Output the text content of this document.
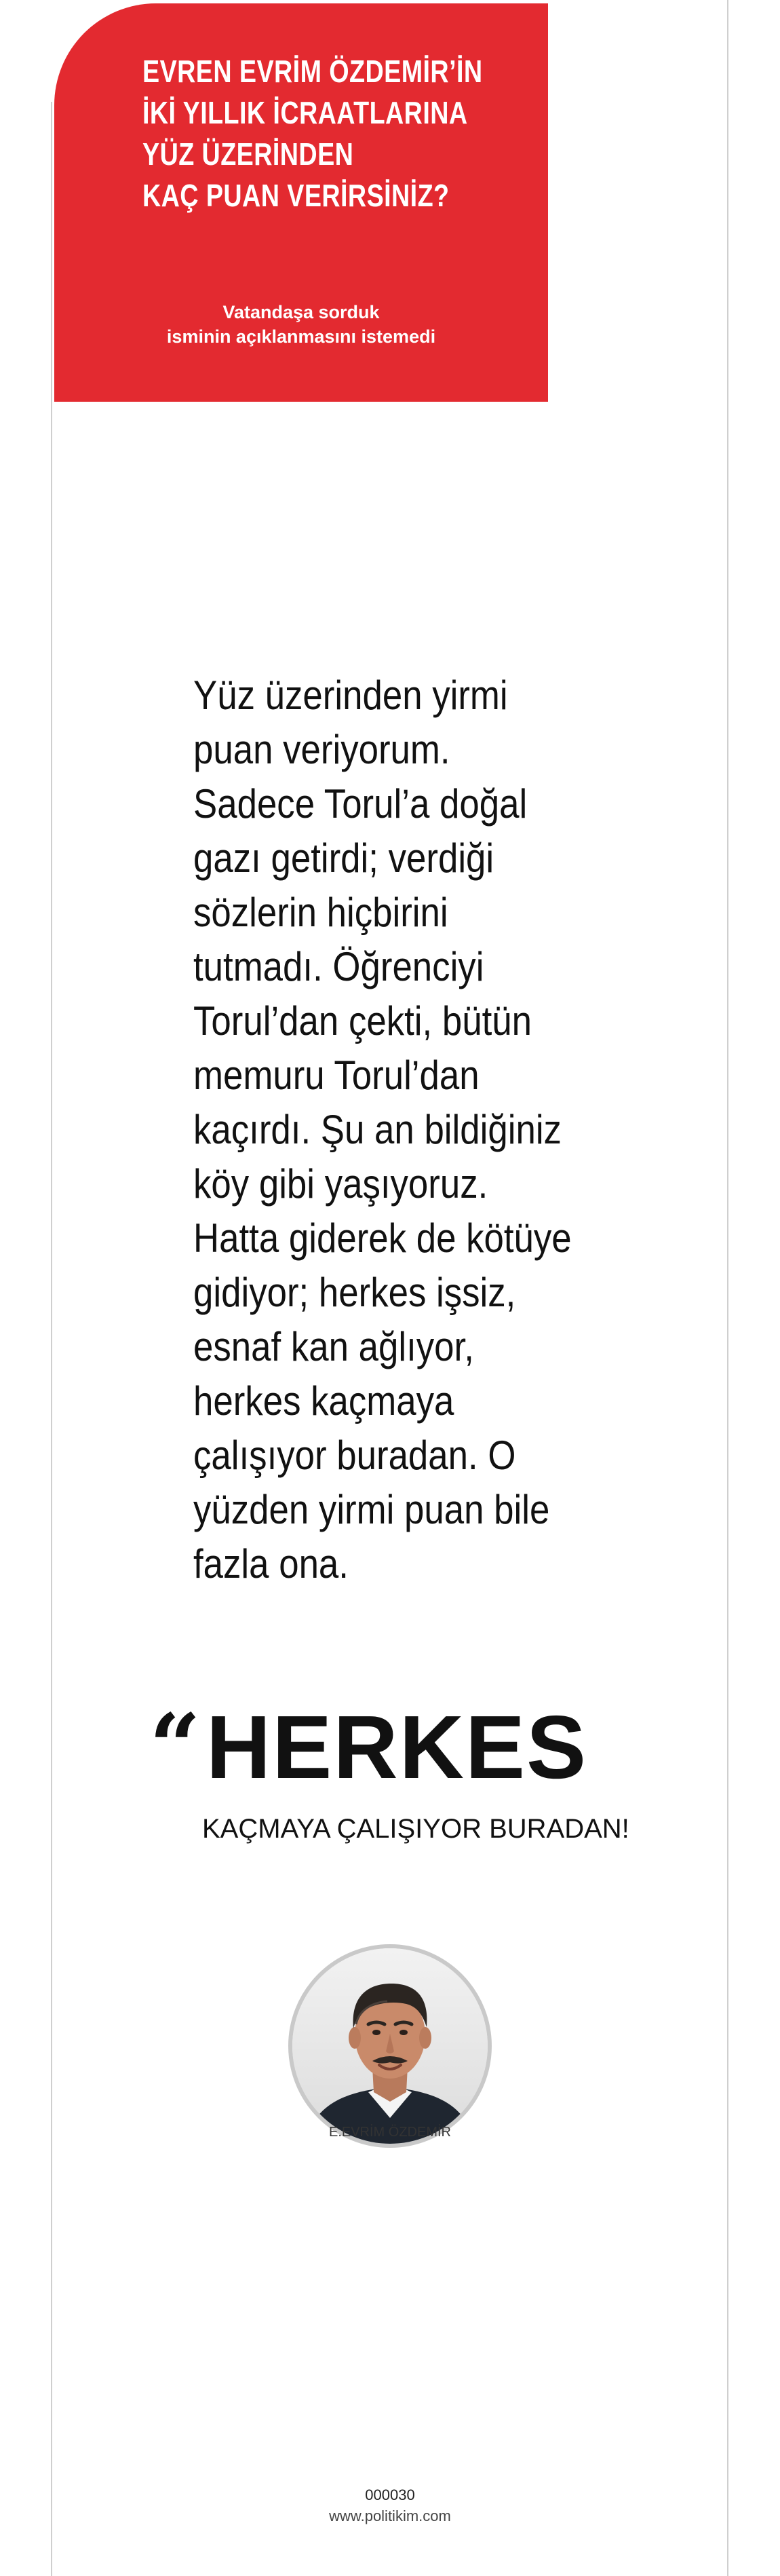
EVREN EVRİM ÖZDEMİR’İN
İKİ YILLIK İCRAATLARINA
YÜZ ÜZERİNDEN
KAÇ PUAN VERİRSİNİZ?
Vatandaşa sorduk
isminin açıklanmasını istemedi
Yüz üzerinden yirmi
puan veriyorum.
Sadece Torul’a doğal
gazı getirdi; verdiği
sözlerin hiçbirini
tutmadı. Öğrenciyi
Torul’dan çekti, bütün
memuru Torul’dan
kaçırdı. Şu an bildiğiniz
köy gibi yaşıyoruz.
Hatta giderek de kötüye
gidiyor; herkes işsiz,
esnaf kan ağlıyor,
herkes kaçmaya
çalışıyor buradan. O
yüzden yirmi puan bile
fazla ona.
“HERKES
KAÇMAYA ÇALIŞIYOR BURADAN!
E.EVRİM ÖZDEMİR
000030
www.politikim.com
